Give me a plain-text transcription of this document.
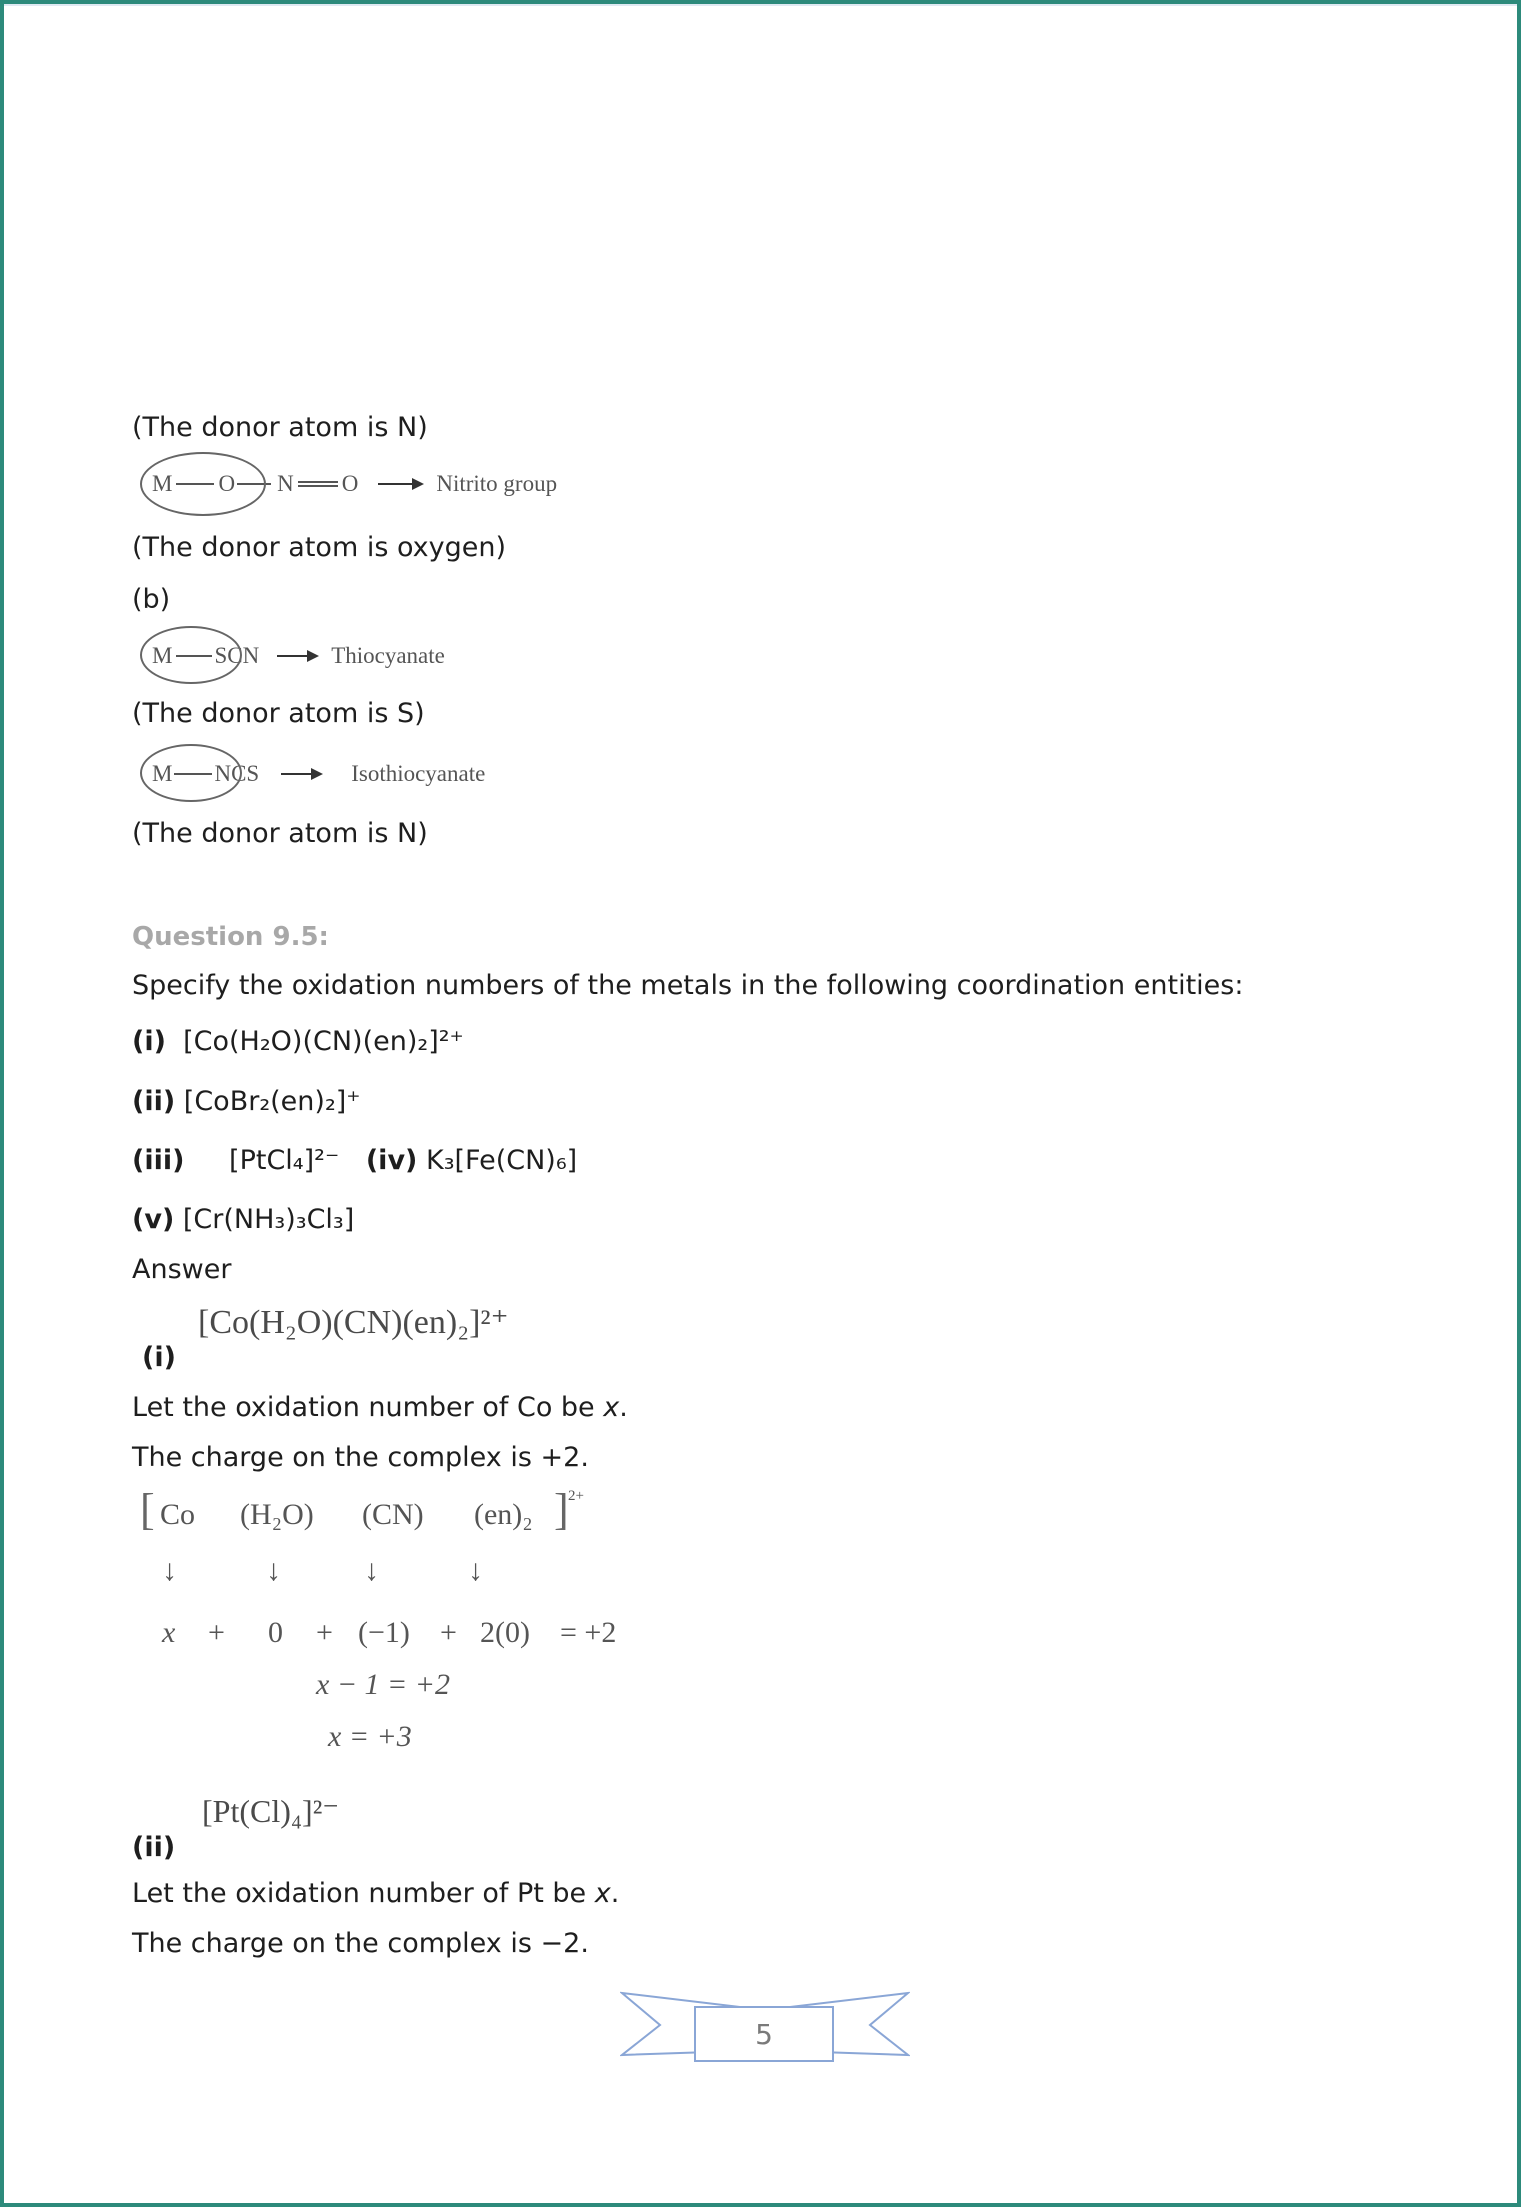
(The donor atom is N)
M O N O	Nitrito group
(The donor atom is oxygen)
(b)
M SCN	Thiocyanate
(The donor atom is S)
M NCS	Isothiocyanate
(The donor atom is N)
Question 9.5:
Specify the oxidation numbers of the metals in the following coordination entities:
(i) [Co(H₂O)(CN)(en)₂]²⁺
(ii) [CoBr₂(en)₂]⁺
(iii) [PtCl₄]²⁻ (iv) K₃[Fe(CN)₆]
(v) [Cr(NH₃)₃Cl₃]
Answer
(i)
[Co(H₂O)(CN)(en)₂]²⁺
Let the oxidation number of Co be x.
The charge on the complex is +2.
[ Co (H₂O) (CN) (en)₂ ] 2+
↓	↓	↓	↓
x + 0 + (−1) + 2(0) = +2
x − 1 = +2
x = +3
(ii)
[Pt(Cl)₄]²⁻
Let the oxidation number of Pt be x.
The charge on the complex is −2.
5
